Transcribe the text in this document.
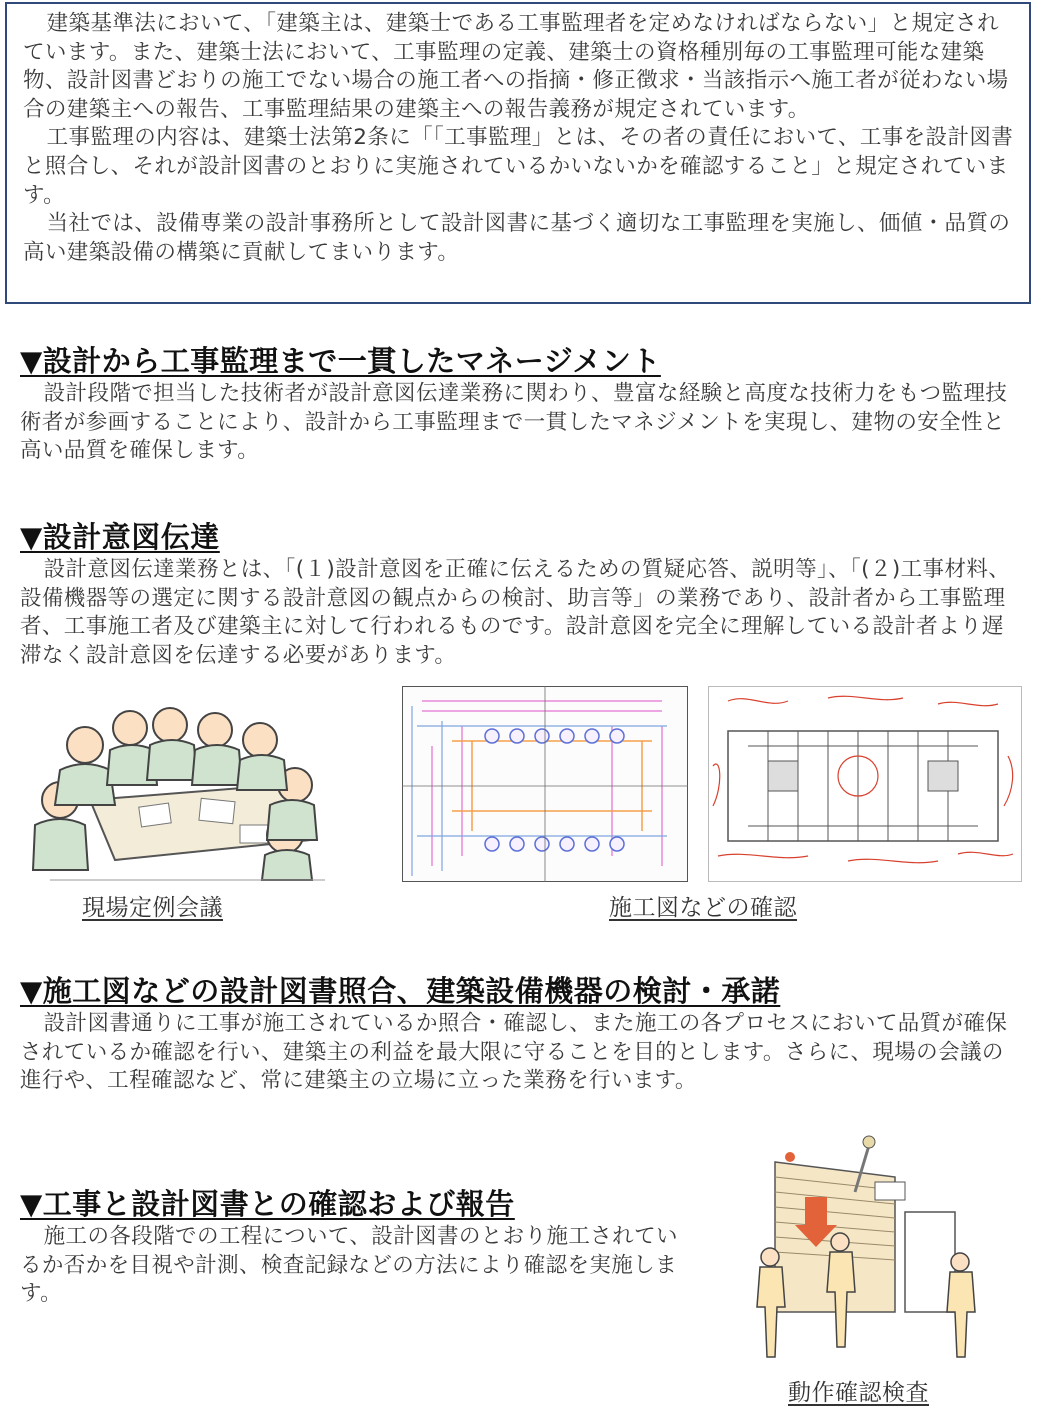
建築基準法において、「建築主は、建築士である工事監理者を定めなければならない」と規定されています。また、建築士法において、工事監理の定義、建築士の資格種別毎の工事監理可能な建築物、設計図書どおりの施工でない場合の施工者への指摘・修正徴求・当該指示へ施工者が従わない場合の建築主への報告、工事監理結果の建築主への報告義務が規定されています。

工事監理の内容は、建築士法第2条に「「工事監理」とは、その者の責任において、工事を設計図書と照合し、それが設計図書のとおりに実施されているかいないかを確認すること」と規定されています。

当社では、設備専業の設計事務所として設計図書に基づく適切な工事監理を実施し、価値・品質の高い建築設備の構築に貢献してまいります。

▼設計から工事監理まで一貫したマネージメント

設計段階で担当した技術者が設計意図伝達業務に関わり、豊富な経験と高度な技術力をもつ監理技術者が参画することにより、設計から工事監理まで一貫したマネジメントを実現し、建物の安全性と高い品質を確保します。

▼設計意図伝達

設計意図伝達業務とは、「(１)設計意図を正確に伝えるための質疑応答、説明等」、「(２)工事材料、設備機器等の選定に関する設計意図の観点からの検討、助言等」の業務であり、設計者から工事監理者、工事施工者及び建築主に対して行われるものです。設計意図を完全に理解している設計者より遅滞なく設計意図を伝達する必要があります。

現場定例会議	施工図などの確認
▼施工図などの設計図書照合、建築設備機器の検討・承諾

設計図書通りに工事が施工されているか照合・確認し、また施工の各プロセスにおいて品質が確保されているか確認を行い、建築主の利益を最大限に守ることを目的とします。さらに、現場の会議の進行や、工程確認など、常に建築主の立場に立った業務を行います。

▼工事と設計図書との確認および報告

施工の各段階での工程について、設計図書のとおり施工されているか否かを目視や計測、検査記録などの方法により確認を実施します。

動作確認検査
